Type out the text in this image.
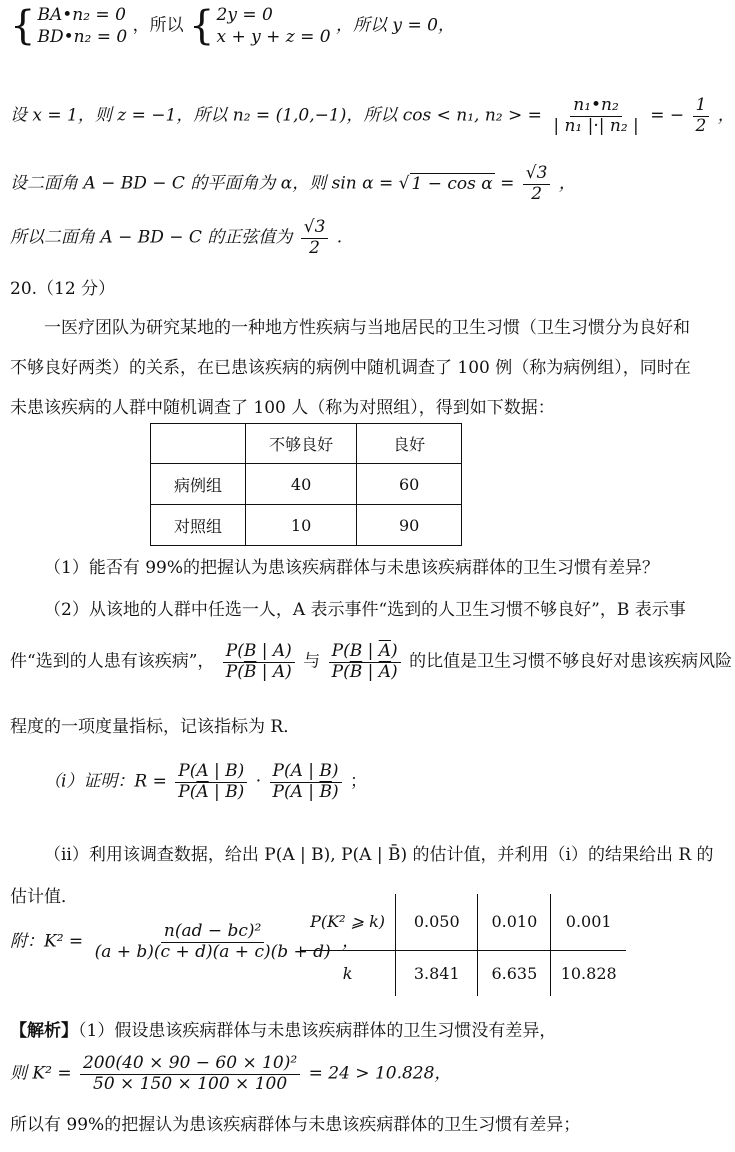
{ BA•n₂ = 0
BD•n₂ = 0
，所以 { 2y = 0
x + y + z = 0
，所以 y = 0，
设 x = 1，则 z = −1，所以 n₂ = (1,0,−1)，所以 cos < n₁, n₂ > = $\frac{\text{n₁•n₂}}{\text{| n₁ |·| n₂ |}}$ = − $\frac{1}{2}$ ，
设二面角 A − BD − C 的平面角为 α，则 sin α = √ $1 - \cos \alpha = \frac{√3}{2}$ ，
所以二面角 A − BD − C 的正弦值为 $\frac{√3}{2}$ .
20.（12 分）
一医疗团队为研究某地的一种地方性疾病与当地居民的卫生习惯（卫生习惯分为良好和
不够良好两类）的关系，在已患该疾病的病例中随机调查了 100 例（称为病例组），同时在
未患该疾病的人群中随机调查了 100 人（称为对照组），得到如下数据：
	不够良好	良好
病例组	40	60
对照组	10	90
（1）能否有 99%的把握认为患该疾病群体与未患该疾病群体的卫生习惯有差异？
（2）从该地的人群中任选一人，A 表示事件“选到的人卫生习惯不够良好”，B 表示事
件“选到的人患有该疾病”， $\frac{P(B | A)}{P(\overline{B} | A)}$ 与 $\frac{P(B | \overline{A})}{P(\overline{B} | \overline{A})}$ 的比值是卫生习惯不够良好对患该疾病风险
程度的一项度量指标，记该指标为 R．
（i）证明：$R = \frac{P(A | B)}{P(\overline{A} | B)} \cdot \frac{P(A | B)}{P(A | \overline{B})}$ ；
（ii）利用该调查数据，给出 P(A | B), P(A | B̄) 的估计值，并利用（i）的结果给出 R 的
估计值．
附：$K^2 = \frac{\text{n(ad − bc)²}}{(a + b)(c + d)(a + c)(b + d)}$ ，
P(K² ⩾ k)	0.050	0.010	0.001
k	3.841	6.635	10.828
【解析】（1）假设患该疾病群体与未患该疾病群体的卫生习惯没有差异，
则 $K^2 = \frac{\text{200(40 × 90 − 60 × 10)²}}{50 \times 150 \times 100 \times 100} = 24 > 10.828$，
所以有 99%的把握认为患该疾病群体与未患该疾病群体的卫生习惯有差异；
